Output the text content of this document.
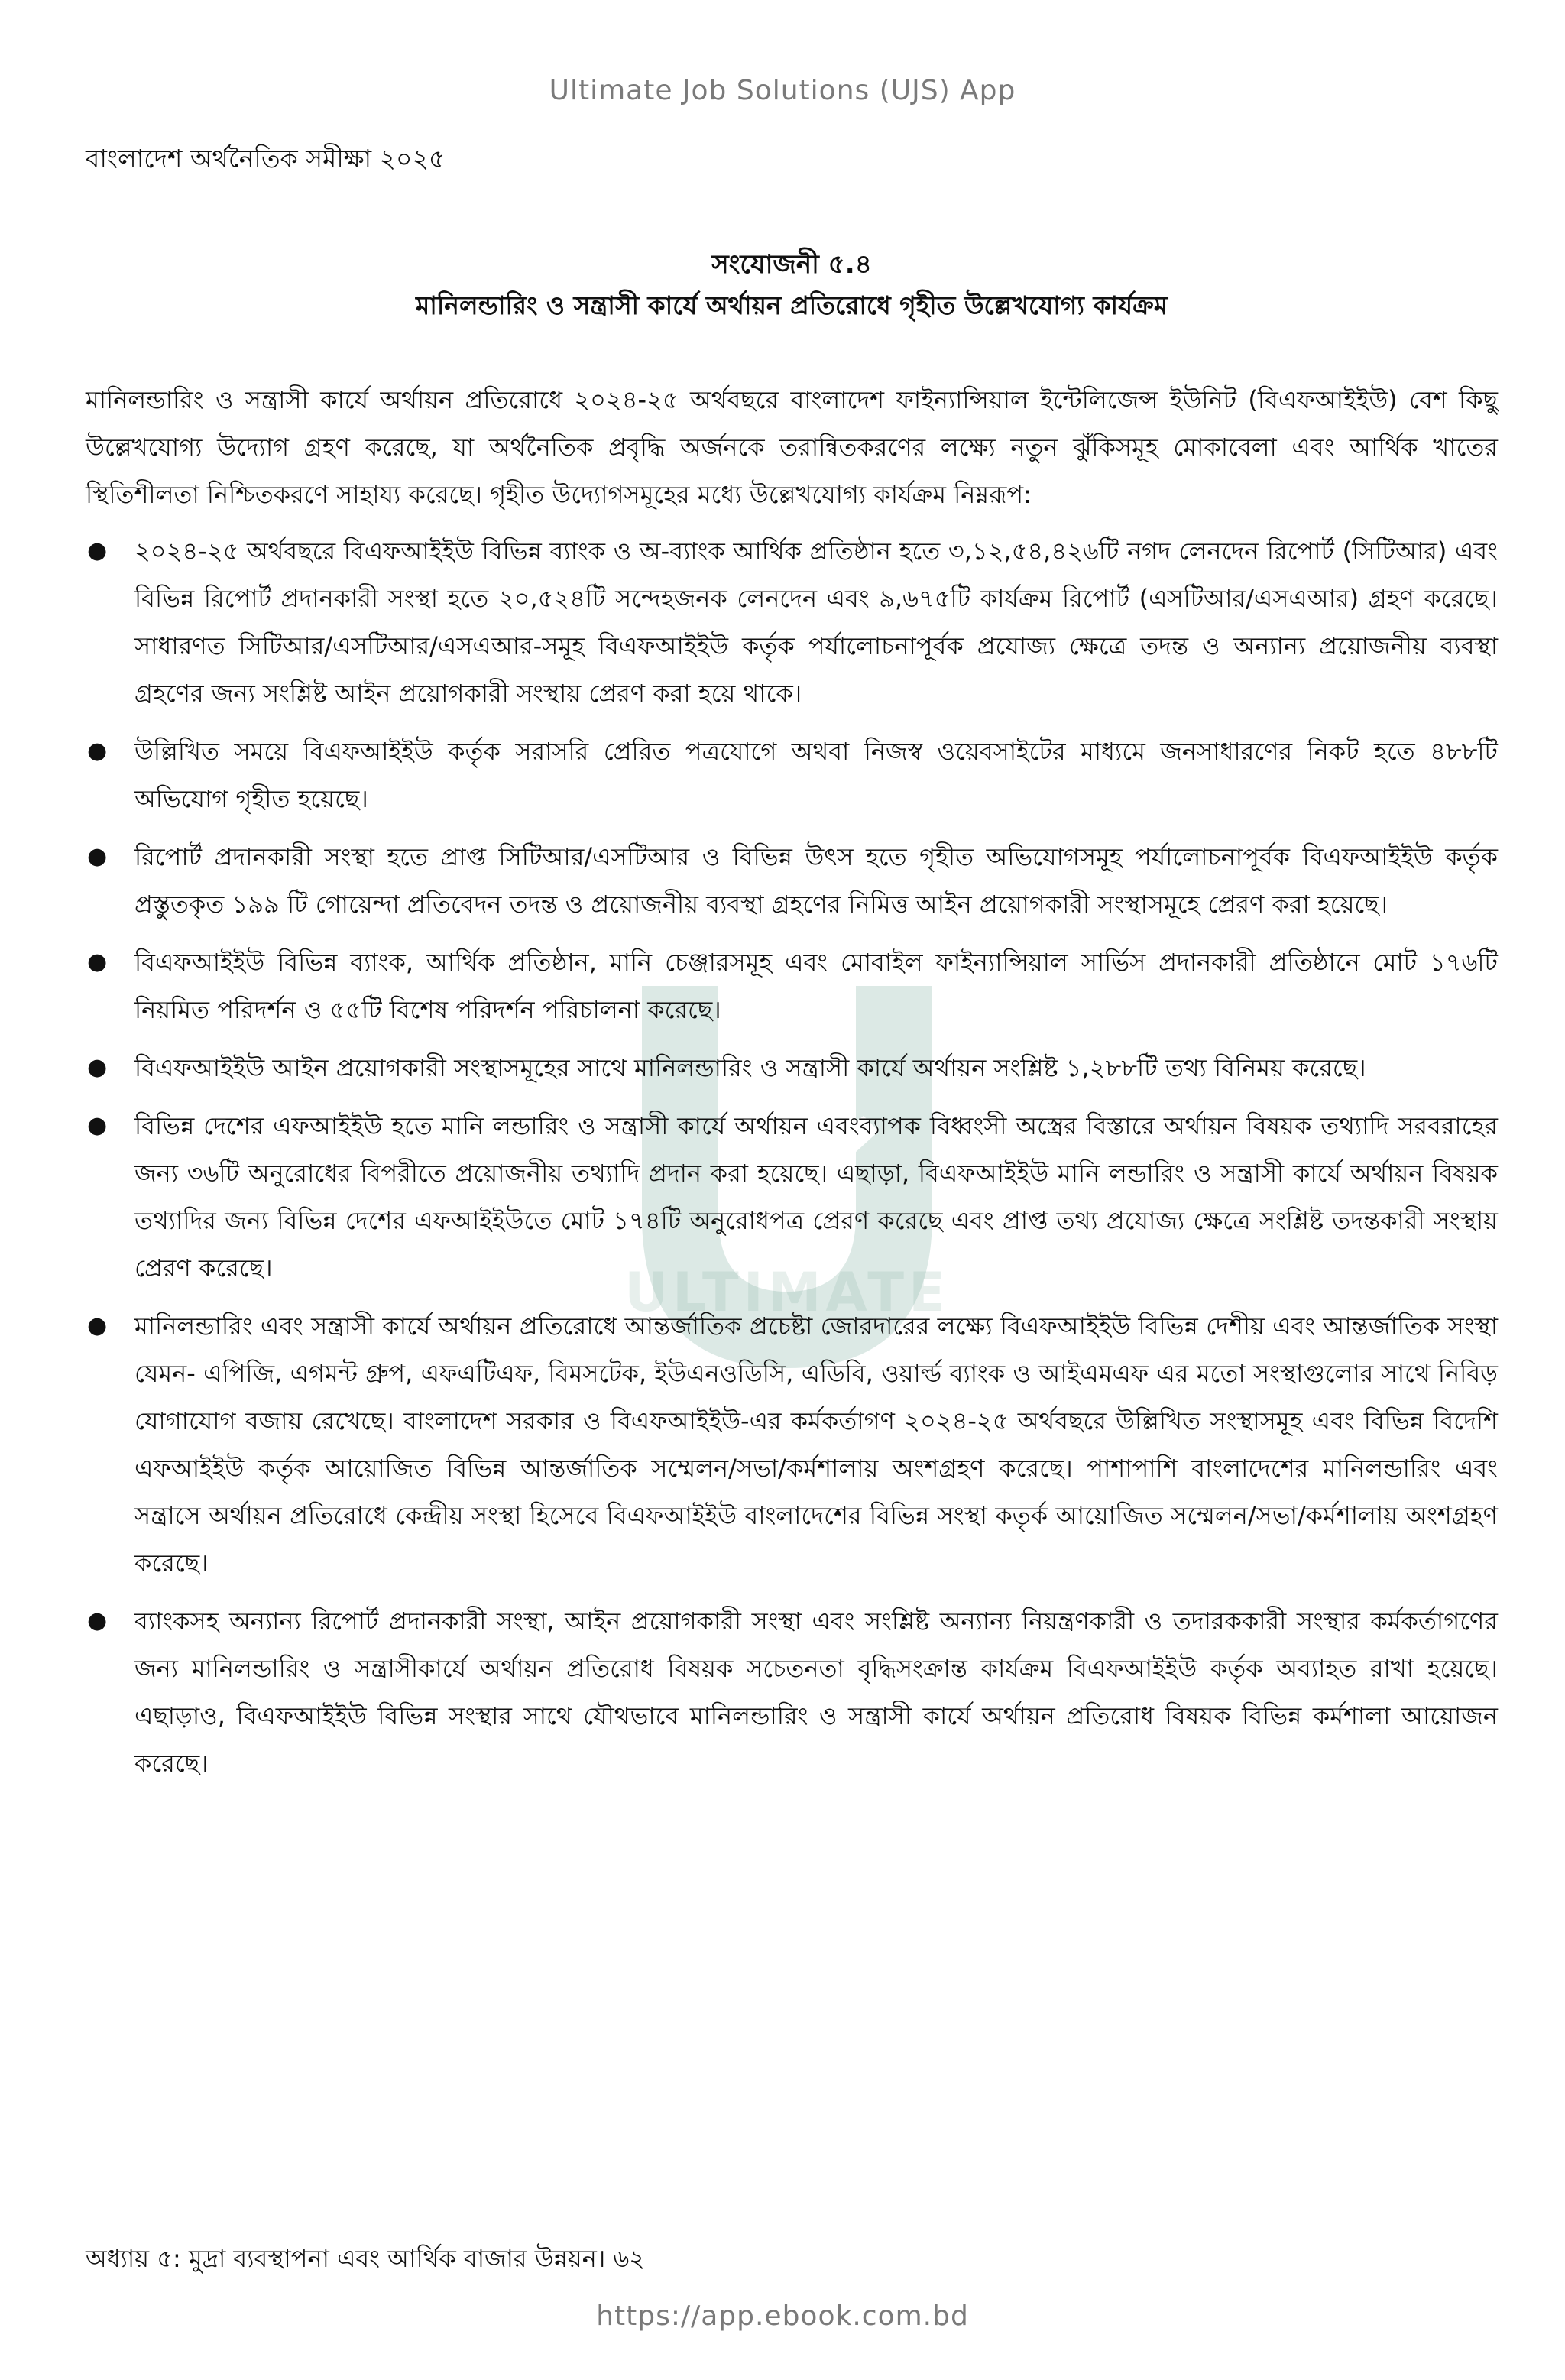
Ultimate Job Solutions (UJS) App
বাংলাদেশ অর্থনৈতিক সমীক্ষা ২০২৫
ULTIMATE
সংযোজনী ৫.৪
মানিলন্ডারিং ও সন্ত্রাসী কার্যে অর্থায়ন প্রতিরোধে গৃহীত উল্লেখযোগ্য কার্যক্রম

মানিলন্ডারিং ও সন্ত্রাসী কার্যে অর্থায়ন প্রতিরোধে ২০২৪-২৫ অর্থবছরে বাংলাদেশ ফাইন্যান্সিয়াল ইন্টেলিজেন্স ইউনিট (বিএফআইইউ) বেশ কিছু উল্লেখযোগ্য উদ্যোগ গ্রহণ করেছে, যা অর্থনৈতিক প্রবৃদ্ধি অর্জনকে তরান্বিতকরণের লক্ষ্যে নতুন ঝুঁকিসমূহ মোকাবেলা এবং আর্থিক খাতের স্থিতিশীলতা নিশ্চিতকরণে সাহায্য করেছে। গৃহীত উদ্যোগসমূহের মধ্যে উল্লেখযোগ্য কার্যক্রম নিম্নরূপ:

● ২০২৪-২৫ অর্থবছরে বিএফআইইউ বিভিন্ন ব্যাংক ও অ-ব্যাংক আর্থিক প্রতিষ্ঠান হতে ৩,১২,৫৪,৪২৬টি নগদ লেনদেন রিপোর্ট (সিটিআর) এবং বিভিন্ন রিপোর্ট প্রদানকারী সংস্থা হতে ২০,৫২৪টি সন্দেহজনক লেনদেন এবং ৯,৬৭৫টি কার্যক্রম রিপোর্ট (এসটিআর/এসএআর) গ্রহণ করেছে। সাধারণত সিটিআর/এসটিআর/এসএআর-সমূহ বিএফআইইউ কর্তৃক পর্যালোচনাপূর্বক প্রযোজ্য ক্ষেত্রে তদন্ত ও অন্যান্য প্রয়োজনীয় ব্যবস্থা গ্রহণের জন্য সংশ্লিষ্ট আইন প্রয়োগকারী সংস্থায় প্রেরণ করা হয়ে থাকে।
● উল্লিখিত সময়ে বিএফআইইউ কর্তৃক সরাসরি প্রেরিত পত্রযোগে অথবা নিজস্ব ওয়েবসাইটের মাধ্যমে জনসাধারণের নিকট হতে ৪৮৮টি অভিযোগ গৃহীত হয়েছে।
● রিপোর্ট প্রদানকারী সংস্থা হতে প্রাপ্ত সিটিআর/এসটিআর ও বিভিন্ন উৎস হতে গৃহীত অভিযোগসমূহ পর্যালোচনাপূর্বক বিএফআইইউ কর্তৃক প্রস্তুতকৃত ১৯৯ টি গোয়েন্দা প্রতিবেদন তদন্ত ও প্রয়োজনীয় ব্যবস্থা গ্রহণের নিমিত্ত আইন প্রয়োগকারী সংস্থাসমূহে প্রেরণ করা হয়েছে।
● বিএফআইইউ বিভিন্ন ব্যাংক, আর্থিক প্রতিষ্ঠান, মানি চেঞ্জারসমূহ এবং মোবাইল ফাইন্যান্সিয়াল সার্ভিস প্রদানকারী প্রতিষ্ঠানে মোট ১৭৬টি নিয়মিত পরিদর্শন ও ৫৫টি বিশেষ পরিদর্শন পরিচালনা করেছে।
● বিএফআইইউ আইন প্রয়োগকারী সংস্থাসমূহের সাথে মানিলন্ডারিং ও সন্ত্রাসী কার্যে অর্থায়ন সংশ্লিষ্ট ১,২৮৮টি তথ্য বিনিময় করেছে।
● বিভিন্ন দেশের এফআইইউ হতে মানি লন্ডারিং ও সন্ত্রাসী কার্যে অর্থায়ন এবংব্যাপক বিধ্বংসী অস্ত্রের বিস্তারে অর্থায়ন বিষয়ক তথ্যাদি সরবরাহের জন্য ৩৬টি অনুরোধের বিপরীতে প্রয়োজনীয় তথ্যাদি প্রদান করা হয়েছে। এছাড়া, বিএফআইইউ মানি লন্ডারিং ও সন্ত্রাসী কার্যে অর্থায়ন বিষয়ক তথ্যাদির জন্য বিভিন্ন দেশের এফআইইউতে মোট ১৭৪টি অনুরোধপত্র প্রেরণ করেছে এবং প্রাপ্ত তথ্য প্রযোজ্য ক্ষেত্রে সংশ্লিষ্ট তদন্তকারী সংস্থায় প্রেরণ করেছে।
● মানিলন্ডারিং এবং সন্ত্রাসী কার্যে অর্থায়ন প্রতিরোধে আন্তর্জাতিক প্রচেষ্টা জোরদারের লক্ষ্যে বিএফআইইউ বিভিন্ন দেশীয় এবং আন্তর্জাতিক সংস্থা যেমন- এপিজি, এগমন্ট গ্রুপ, এফএটিএফ, বিমসটেক, ইউএনওডিসি, এডিবি, ওয়ার্ল্ড ব্যাংক ও আইএমএফ এর মতো সংস্থাগুলোর সাথে নিবিড় যোগাযোগ বজায় রেখেছে। বাংলাদেশ সরকার ও বিএফআইইউ-এর কর্মকর্তাগণ ২০২৪-২৫ অর্থবছরে উল্লিখিত সংস্থাসমূহ এবং বিভিন্ন বিদেশি এফআইইউ কর্তৃক আয়োজিত বিভিন্ন আন্তর্জাতিক সম্মেলন/সভা/কর্মশালায় অংশগ্রহণ করেছে। পাশাপাশি বাংলাদেশের মানিলন্ডারিং এবং সন্ত্রাসে অর্থায়ন প্রতিরোধে কেন্দ্রীয় সংস্থা হিসেবে বিএফআইইউ বাংলাদেশের বিভিন্ন সংস্থা কতৃর্ক আয়োজিত সম্মেলন/সভা/কর্মশালায় অংশগ্রহণ করেছে।
● ব্যাংকসহ অন্যান্য রিপোর্ট প্রদানকারী সংস্থা, আইন প্রয়োগকারী সংস্থা এবং সংশ্লিষ্ট অন্যান্য নিয়ন্ত্রণকারী ও তদারককারী সংস্থার কর্মকর্তাগণের জন্য মানিলন্ডারিং ও সন্ত্রাসীকার্যে অর্থায়ন প্রতিরোধ বিষয়ক সচেতনতা বৃদ্ধিসংক্রান্ত কার্যক্রম বিএফআইইউ কর্তৃক অব্যাহত রাখা হয়েছে। এছাড়াও, বিএফআইইউ বিভিন্ন সংস্থার সাথে যৌথভাবে মানিলন্ডারিং ও সন্ত্রাসী কার্যে অর্থায়ন প্রতিরোধ বিষয়ক বিভিন্ন কর্মশালা আয়োজন করেছে।
অধ্যায় ৫: মুদ্রা ব্যবস্থাপনা এবং আর্থিক বাজার উন্নয়ন। ৬২
https://app.ebook.com.bd
